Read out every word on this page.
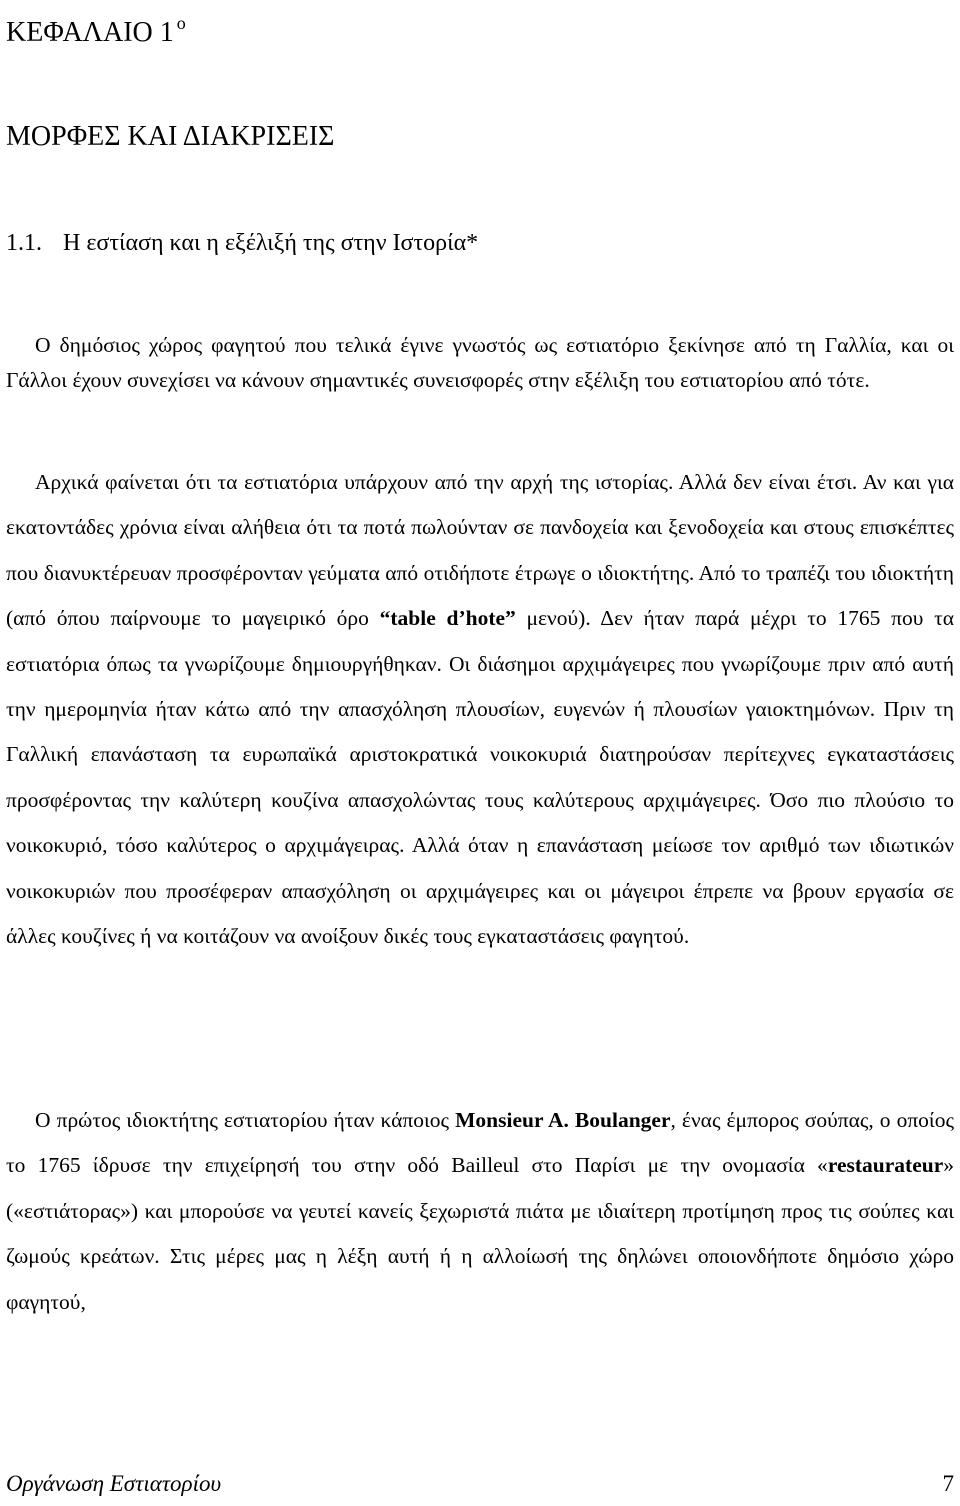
ΚΕΦΑΛΑΙΟ 1 $^o$
ΜΟΡΦΕΣ ΚΑΙ ΔΙΑΚΡΙΣΕΙΣ
1.1. Η εστίαση και η εξέλιξή της στην Ιστορία*

Ο δημόσιος χώρος φαγητού που τελικά έγινε γνωστός ως εστιατόριο ξεκίνησε από τη Γαλλία, και οι Γάλλοι έχουν συνεχίσει να κάνουν σημαντικές συνεισφορές στην εξέλιξη του εστιατορίου από τότε.

Αρχικά φαίνεται ότι τα εστιατόρια υπάρχουν από την αρχή της ιστορίας. Αλλά δεν είναι έτσι. Αν και για εκατοντάδες χρόνια είναι αλήθεια ότι τα ποτά πωλούνταν σε πανδοχεία και ξενοδοχεία και στους επισκέπτες που διανυκτέρευαν προσφέρονταν γεύματα από οτιδήποτε έτρωγε ο ιδιοκτήτης. Από το τραπέζι του ιδιοκτήτη (από όπου παίρνουμε το μαγειρικό όρο “table d’hote” μενού). Δεν ήταν παρά μέχρι το 1765 που τα εστιατόρια όπως τα γνωρίζουμε δημιουργήθηκαν. Οι διάσημοι αρχιμάγειρες που γνωρίζουμε πριν από αυτή την ημερομηνία ήταν κάτω από την απασχόληση πλουσίων, ευγενών ή πλουσίων γαιοκτημόνων. Πριν τη Γαλλική επανάσταση τα ευρωπαϊκά αριστοκρατικά νοικοκυριά διατηρούσαν περίτεχνες εγκαταστάσεις προσφέροντας την καλύτερη κουζίνα απασχολώντας τους καλύτερους αρχιμάγειρες. Όσο πιο πλούσιο το νοικοκυριό, τόσο καλύτερος ο αρχιμάγειρας. Αλλά όταν η επανάσταση μείωσε τον αριθμό των ιδιωτικών νοικοκυριών που προσέφεραν απασχόληση οι αρχιμάγειρες και οι μάγειροι έπρεπε να βρουν εργασία σε άλλες κουζίνες ή να κοιτάζουν να ανοίξουν δικές τους εγκαταστάσεις φαγητού.

Ο πρώτος ιδιοκτήτης εστιατορίου ήταν κάποιος Monsieur A. Boulanger, ένας έμπορος σούπας, ο οποίος το 1765 ίδρυσε την επιχείρησή του στην οδό Bailleul στο Παρίσι με την ονομασία «restaurateur» («εστιάτορας») και μπορούσε να γευτεί κανείς ξεχωριστά πιάτα με ιδιαίτερη προτίμηση προς τις σούπες και ζωμούς κρεάτων. Στις μέρες μας η λέξη αυτή ή η αλλοίωσή της δηλώνει οποιονδήποτε δημόσιο χώρο φαγητού,

Οργάνωση Εστιατορίου	7
